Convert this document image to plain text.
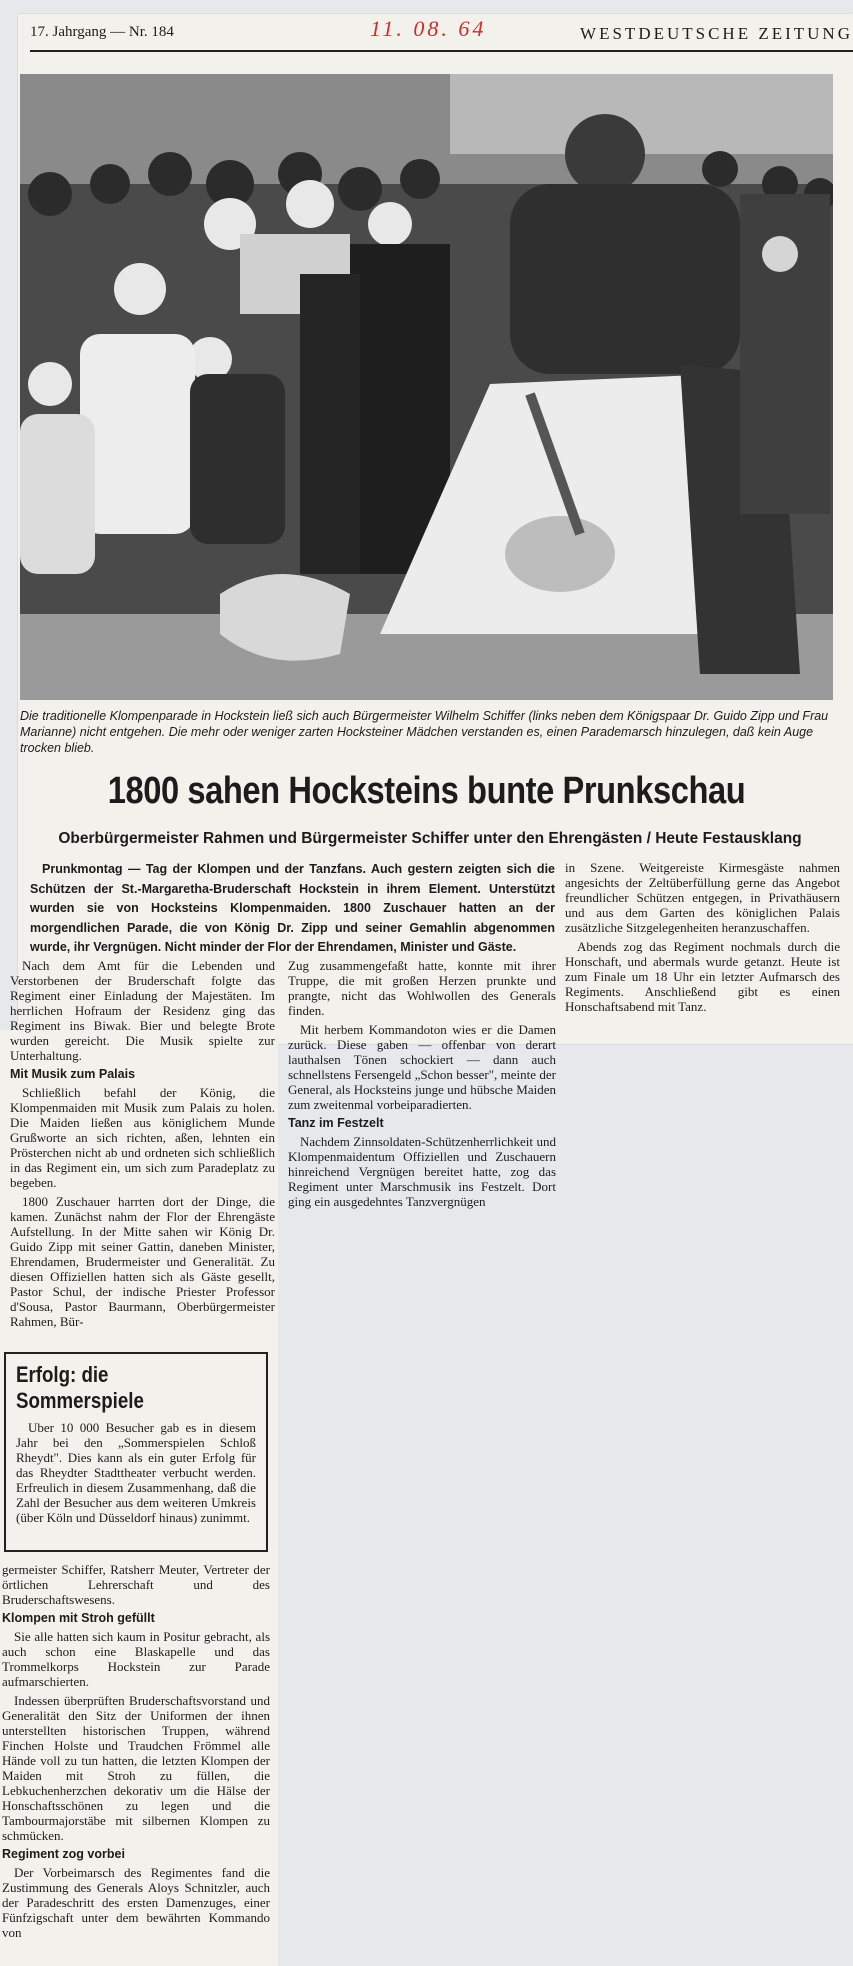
17. Jahrgang — Nr. 184	11. 08. 64	WESTDEUTSCHE ZEITUNG
Die traditionelle Klompenparade in Hockstein ließ sich auch Bürgermeister Wilhelm Schiffer (links neben dem Königspaar Dr. Guido Zipp und Frau Marianne) nicht entgehen. Die mehr oder weniger zarten Hocksteiner Mädchen verstanden es, einen Parademarsch hinzulegen, daß kein Auge trocken blieb.
1800 sahen Hocksteins bunte Prunkschau
Oberbürgermeister Rahmen und Bürgermeister Schiffer unter den Ehrengästen / Heute Festausklang
Prunkmontag — Tag der Klompen und der Tanzfans. Auch gestern zeigten sich die Schützen der St.-Margaretha-Bruderschaft Hockstein in ihrem Element. Unterstützt wurden sie von Hocksteins Klompenmaiden. 1800 Zuschauer hatten an der morgendlichen Parade, die von König Dr. Zipp und seiner Gemahlin abgenommen wurde, ihr Vergnügen. Nicht minder der Flor der Ehrendamen, Minister und Gäste.

in Szene. Weitgereiste Kirmesgäste nahmen angesichts der Zeltüberfüllung gerne das Angebot freundlicher Schützen entgegen, in Privathäusern und aus dem Garten des königlichen Palais zusätzliche Sitzgelegenheiten heranzuschaffen.

Abends zog das Regiment nochmals durch die Honschaft, und abermals wurde getanzt. Heute ist zum Finale um 18 Uhr ein letzter Aufmarsch des Regiments. Anschließend gibt es einen Honschaftsabend mit Tanz.

Nach dem Amt für die Lebenden und Verstorbenen der Bruderschaft folgte das Regiment einer Einladung der Majestäten. Im herrlichen Hofraum der Residenz ging das Regiment ins Biwak. Bier und belegte Brote wurden gereicht. Die Musik spielte zur Unterhaltung.

Mit Musik zum Palais

Schließlich befahl der König, die Klompenmaiden mit Musik zum Palais zu holen. Die Maiden ließen aus königlichem Munde Grußworte an sich richten, aßen, lehnten ein Prösterchen nicht ab und ordneten sich schließlich in das Regiment ein, um sich zum Paradeplatz zu begeben.

1800 Zuschauer harrten dort der Dinge, die kamen. Zunächst nahm der Flor der Ehrengäste Aufstellung. In der Mitte sahen wir König Dr. Guido Zipp mit seiner Gattin, daneben Minister, Ehrendamen, Brudermeister und Generalität. Zu diesen Offiziellen hatten sich als Gäste gesellt, Pastor Schul, der indische Priester Professor d'Sousa, Pastor Baurmann, Oberbürgermeister Rahmen, Bür-

Zug zusammengefaßt hatte, konnte mit ihrer Truppe, die mit großen Herzen prunkte und prangte, nicht das Wohlwollen des Generals finden.

Mit herbem Kommandoton wies er die Damen zurück. Diese gaben — offenbar von derart lauthalsen Tönen schockiert — dann auch schnellstens Fersengeld „Schon besser", meinte der General, als Hocksteins junge und hübsche Maiden zum zweitenmal vorbeiparadierten.

Tanz im Festzelt

Nachdem Zinnsoldaten-Schützenherrlichkeit und Klompenmaidentum Offiziellen und Zuschauern hinreichend Vergnügen bereitet hatte, zog das Regiment unter Marschmusik ins Festzelt. Dort ging ein ausgedehntes Tanzvergnügen

Erfolg: die Sommerspiele

Uber 10 000 Besucher gab es in diesem Jahr bei den „Sommerspielen Schloß Rheydt". Dies kann als ein guter Erfolg für das Rheydter Stadttheater verbucht werden. Erfreulich in diesem Zusammenhang, daß die Zahl der Besucher aus dem weiteren Umkreis (über Köln und Düsseldorf hinaus) zunimmt.

germeister Schiffer, Ratsherr Meuter, Vertreter der örtlichen Lehrerschaft und des Bruderschaftswesens.

Klompen mit Stroh gefüllt

Sie alle hatten sich kaum in Positur gebracht, als auch schon eine Blaskapelle und das Trommelkorps Hockstein zur Parade aufmarschierten.

Indessen überprüften Bruderschaftsvorstand und Generalität den Sitz der Uniformen der ihnen unterstellten historischen Truppen, während Finchen Holste und Traudchen Frömmel alle Hände voll zu tun hatten, die letzten Klompen der Maiden mit Stroh zu füllen, die Lebkuchenherzchen dekorativ um die Hälse der Honschaftsschönen zu legen und die Tambourmajorstäbe mit silbernen Klompen zu schmücken.

Regiment zog vorbei

Der Vorbeimarsch des Regimentes fand die Zustimmung des Generals Aloys Schnitzler, auch der Paradeschritt des ersten Damenzuges, einer Fünfzigschaft unter dem bewährten Kommando von
